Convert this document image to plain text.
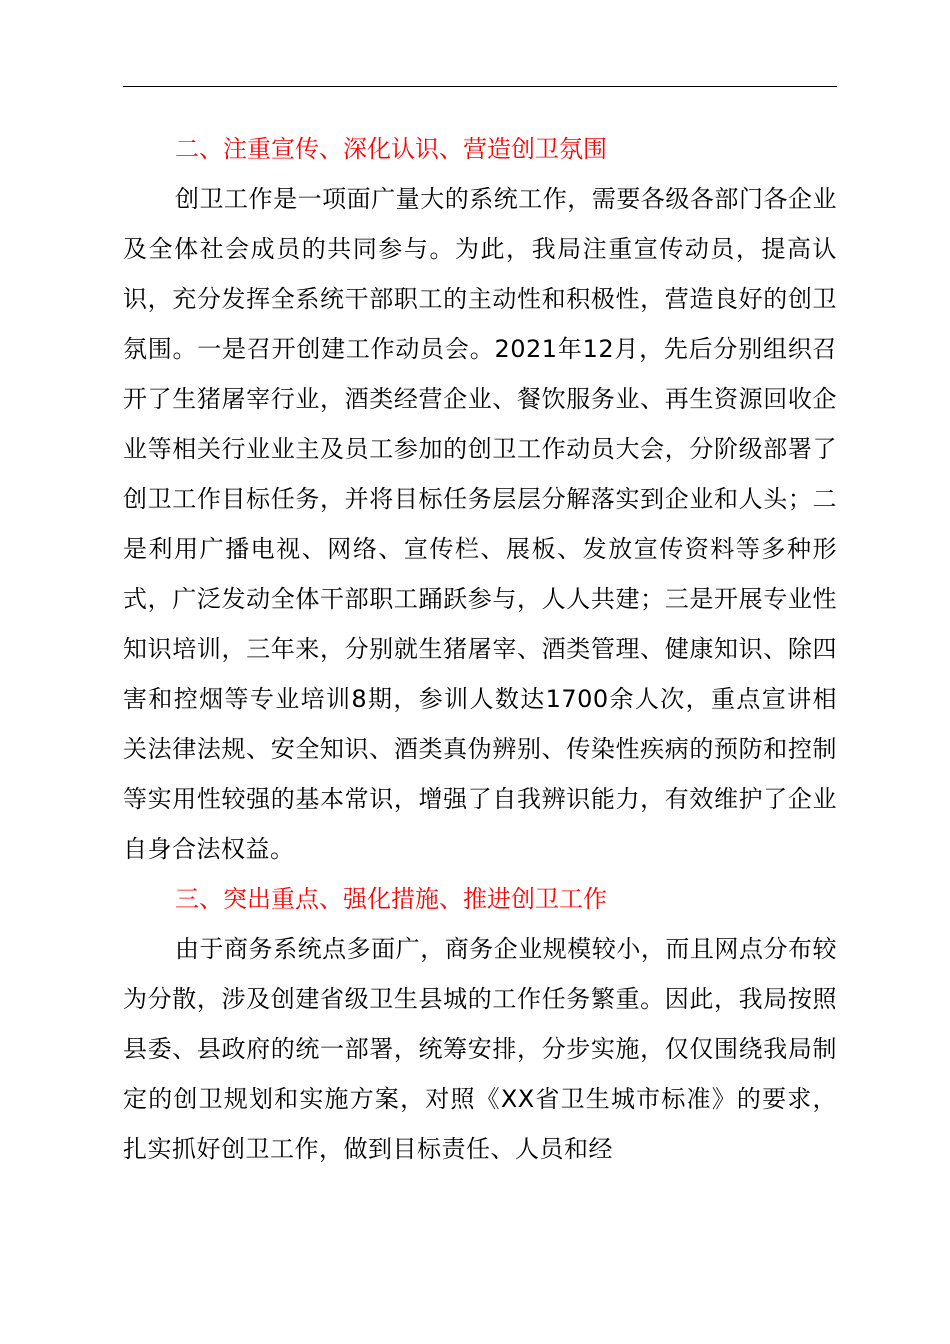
二、注重宣传、深化认识、营造创卫氛围

创卫工作是一项面广量大的系统工作，需要各级各部门各企业及全体社会成员的共同参与。为此，我局注重宣传动员，提高认识，充分发挥全系统干部职工的主动性和积极性，营造良好的创卫氛围。一是召开创建工作动员会。2021年12月，先后分别组织召开了生猪屠宰行业，酒类经营企业、餐饮服务业、再生资源回收企业等相关行业业主及员工参加的创卫工作动员大会，分阶级部署了创卫工作目标任务，并将目标任务层层分解落实到企业和人头；二是利用广播电视、网络、宣传栏、展板、发放宣传资料等多种形式，广泛发动全体干部职工踊跃参与，人人共建；三是开展专业性知识培训，三年来，分别就生猪屠宰、酒类管理、健康知识、除四害和控烟等专业培训8期，参训人数达1700余人次，重点宣讲相关法律法规、安全知识、酒类真伪辨别、传染性疾病的预防和控制等实用性较强的基本常识，增强了自我辨识能力，有效维护了企业自身合法权益。

三、突出重点、强化措施、推进创卫工作

由于商务系统点多面广，商务企业规模较小，而且网点分布较为分散，涉及创建省级卫生县城的工作任务繁重。因此，我局按照县委、县政府的统一部署，统筹安排，分步实施，仅仅围绕我局制定的创卫规划和实施方案，对照《XX省卫生城市标准》的要求，扎实抓好创卫工作，做到目标责任、人员和经
